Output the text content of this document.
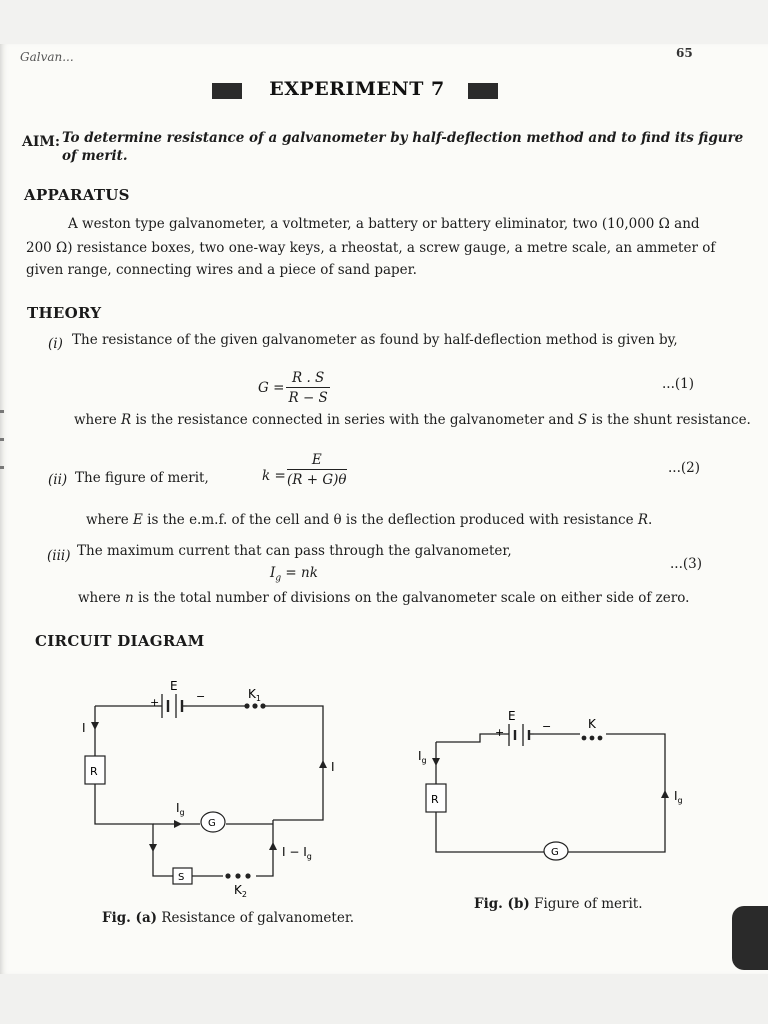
Galvan...	65
EXPERIMENT 7
AIM: To determine resistance of a galvanometer by half-deflection method and to find its figure
of merit.
APPARATUS
A weston type galvanometer, a voltmeter, a battery or battery eliminator, two (10,000 Ω and
200 Ω) resistance boxes, two one-way keys, a rheostat, a screw gauge, a metre scale, an ammeter of
given range, connecting wires and a piece of sand paper.
THEORY
(i) The resistance of the given galvanometer as found by half-deflection method is given by,
$G = \frac{R . S}{R - S}$	...(1)
where R is the resistance connected in series with the galvanometer and S is the shunt resistance.
(ii) The figure of merit,	$k = \frac{E}{(R + G)\theta}$	...(2)
where E is the e.m.f. of the cell and θ is the deflection produced with resistance R.
(iii) The maximum current that can pass through the galvanometer,
$I_g$ = nk
...(3)
where n is the total number of divisions on the galvanometer scale on either side of zero.
CIRCUIT DIAGRAM
E
+	−	$K_1$
I
R	I
$I_g$
G
$I - I_g$
S
$K_2$
Fig. (a) Resistance of galvanometer.
E
+	−	K
$I_g$
R	$I_g$
G
Fig. (b) Figure of merit.
